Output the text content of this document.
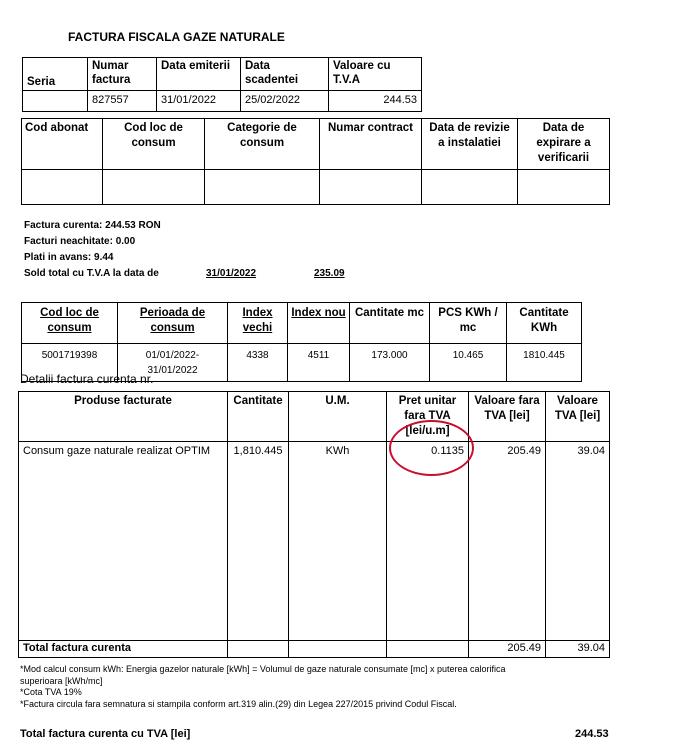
FACTURA FISCALA GAZE NATURALE
Seria	Numar factura	Data emiterii	Data scadentei	Valoare cu T.V.A
	827557	31/01/2022	25/02/2022	244.53
Cod abonat	Cod loc de consum	Categorie de consum	Numar contract	Data de revizie a instalatiei	Data de expirare a verificarii

Factura curenta: 244.53 RON
Facturi neachitate: 0.00
Plati in avans: 9.44
Sold total cu T.V.A la data de	31/01/2022	235.09
Cod loc de consum	Perioada de consum	Index vechi	Index nou	Cantitate mc	PCS KWh / mc	Cantitate KWh
5001719398	01/01/2022-31/01/2022	4338	4511	173.000	10.465	1810.445
Detalii factura curenta nr.
Produse facturate	Cantitate	U.M.	Pret unitar fara TVA [lei/u.m]	Valoare fara TVA [lei]	Valoare TVA [lei]
Consum gaze naturale realizat OPTIM	1,810.445	KWh	0.1135	205.49	39.04
Total factura curenta				205.49	39.04
*Mod calcul consum kWh: Energia gazelor naturale [kWh] = Volumul de gaze naturale consumate [mc] x puterea calorifica superioara [kWh/mc]
*Cota TVA 19%
*Factura circula fara semnatura si stampila conform art.319 alin.(29) din Legea 227/2015 privind Codul Fiscal.
Total factura curenta cu TVA [lei]	244.53
